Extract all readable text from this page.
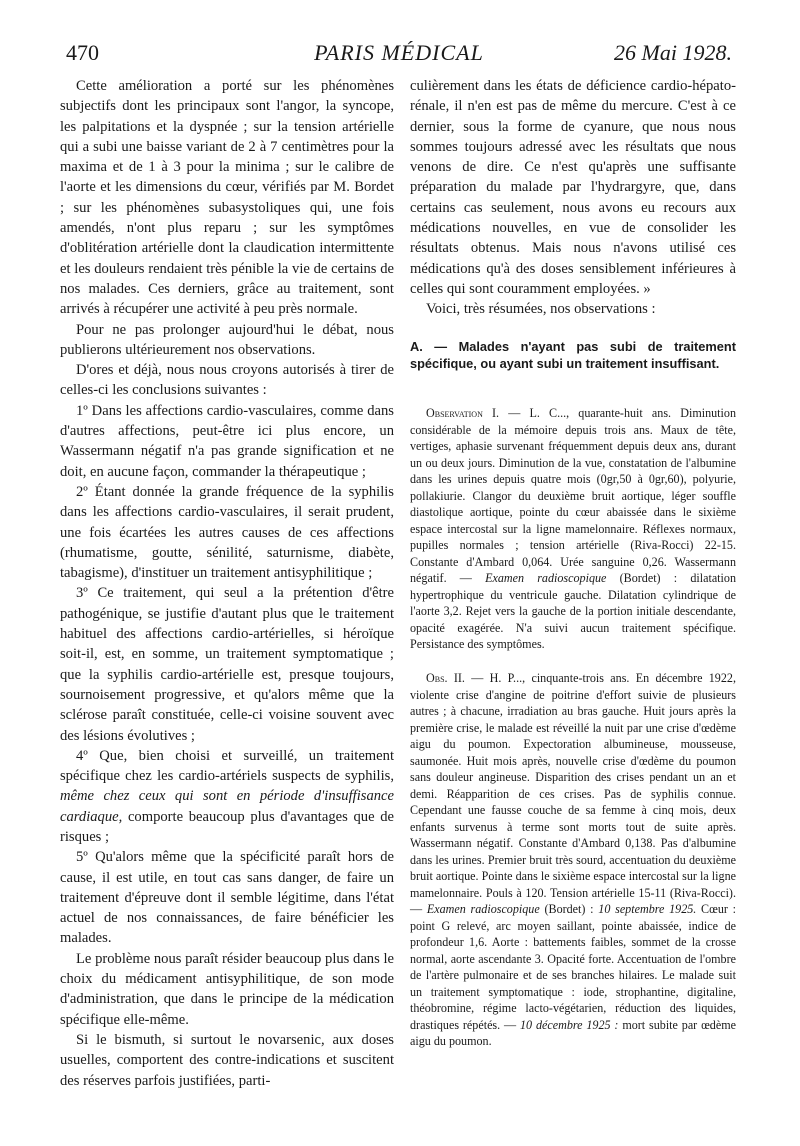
470	PARIS MÉDICAL	26 Mai 1928.

Cette amélioration a porté sur les phénomènes subjectifs dont les principaux sont l'angor, la syncope, les palpitations et la dyspnée ; sur la tension artérielle qui a subi une baisse variant de 2 à 7 centimètres pour la maxima et de 1 à 3 pour la minima ; sur le calibre de l'aorte et les dimensions du cœur, vérifiés par M. Bordet ; sur les phénomènes subasystoliques qui, une fois amendés, n'ont plus reparu ; sur les symptômes d'oblitération artérielle dont la claudication intermittente et les douleurs rendaient très pénible la vie de certains de nos malades. Ces derniers, grâce au traitement, sont arrivés à récupérer une activité à peu près normale.

Pour ne pas prolonger aujourd'hui le débat, nous publierons ultérieurement nos observations.

D'ores et déjà, nous nous croyons autorisés à tirer de celles-ci les conclusions suivantes :

1º Dans les affections cardio-vasculaires, comme dans d'autres affections, peut-être ici plus encore, un Wassermann négatif n'a pas grande signification et ne doit, en aucune façon, commander la thérapeutique ;

2º Étant donnée la grande fréquence de la syphilis dans les affections cardio-vasculaires, il serait prudent, une fois écartées les autres causes de ces affections (rhumatisme, goutte, sénilité, saturnisme, diabète, tabagisme), d'instituer un traitement antisyphilitique ;

3º Ce traitement, qui seul a la prétention d'être pathogénique, se justifie d'autant plus que le traitement habituel des affections cardio-artérielles, si héroïque soit-il, est, en somme, un traitement symptomatique ; que la syphilis cardio-artérielle est, presque toujours, sournoisement progressive, et qu'alors même que la sclérose paraît constituée, celle-ci voisine souvent avec des lésions évolutives ;

4º Que, bien choisi et surveillé, un traitement spécifique chez les cardio-artériels suspects de syphilis, même chez ceux qui sont en période d'insuffisance cardiaque, comporte beaucoup plus d'avantages que de risques ;

5º Qu'alors même que la spécificité paraît hors de cause, il est utile, en tout cas sans danger, de faire un traitement d'épreuve dont il semble légitime, dans l'état actuel de nos connaissances, de faire bénéficier les malades.

Le problème nous paraît résider beaucoup plus dans le choix du médicament antisyphilitique, de son mode d'administration, que dans le principe de la médication spécifique elle-même.

Si le bismuth, si surtout le novarsenic, aux doses usuelles, comportent des contre-indications et suscitent des réserves parfois justifiées, parti-

culièrement dans les états de déficience cardio-hépato-rénale, il n'en est pas de même du mercure. C'est à ce dernier, sous la forme de cyanure, que nous nous sommes toujours adressé avec les résultats que nous venons de dire. Ce n'est qu'après une suffisante préparation du malade par l'hydrargyre, que, dans certains cas seulement, nous avons eu recours aux médications nouvelles, en vue de consolider les résultats obtenus. Mais nous n'avons utilisé ces médications qu'à des doses sensiblement inférieures à celles qui sont couramment employées. »

Voici, très résumées, nos observations :

A. — Malades n'ayant pas subi de traitement spécifique, ou ayant subi un traitement insuffisant.

Observation I. — L. C..., quarante-huit ans. Diminution considérable de la mémoire depuis trois ans. Maux de tête, vertiges, aphasie survenant fréquemment depuis deux ans, durant un ou deux jours. Diminution de la vue, constatation de l'albumine dans les urines depuis quatre mois (0gr,50 à 0gr,60), polyurie, pollakiurie. Clangor du deuxième bruit aortique, léger souffle diastolique aortique, pointe du cœur abaissée dans le sixième espace intercostal sur la ligne mamelonnaire. Réflexes normaux, pupilles normales ; tension artérielle (Riva-Rocci) 22-15. Constante d'Ambard 0,064. Urée sanguine 0,26. Wassermann négatif. — Examen radioscopique (Bordet) : dilatation hypertrophique du ventricule gauche. Dilatation cylindrique de l'aorte 3,2. Rejet vers la gauche de la portion initiale descendante, opacité exagérée. N'a suivi aucun traitement spécifique. Persistance des symptômes.

Obs. II. — H. P..., cinquante-trois ans. En décembre 1922, violente crise d'angine de poitrine d'effort suivie de plusieurs autres ; à chacune, irradiation au bras gauche. Huit jours après la première crise, le malade est réveillé la nuit par une crise d'œdème aigu du poumon. Expectoration albumineuse, mousseuse, saumonée. Huit mois après, nouvelle crise d'œdème du poumon sans douleur angineuse. Disparition des crises pendant un an et demi. Réapparition de ces crises. Pas de syphilis connue. Cependant une fausse couche de sa femme à cinq mois, deux enfants survenus à terme sont morts tout de suite après. Wassermann négatif. Constante d'Ambard 0,138. Pas d'albumine dans les urines. Premier bruit très sourd, accentuation du deuxième bruit aortique. Pointe dans le sixième espace intercostal sur la ligne mamelonnaire. Pouls à 120. Tension artérielle 15-11 (Riva-Rocci). — Examen radioscopique (Bordet) : 10 septembre 1925. Cœur : point G relevé, arc moyen saillant, pointe abaissée, indice de profondeur 1,6. Aorte : battements faibles, sommet de la crosse normal, aorte ascendante 3. Opacité forte. Accentuation de l'ombre de l'artère pulmonaire et de ses branches hilaires. Le malade suit un traitement symptomatique : iode, strophantine, digitaline, théobromine, régime lacto-végétarien, réduction des liquides, drastiques répétés. — 10 décembre 1925 : mort subite par œdème aigu du poumon.
